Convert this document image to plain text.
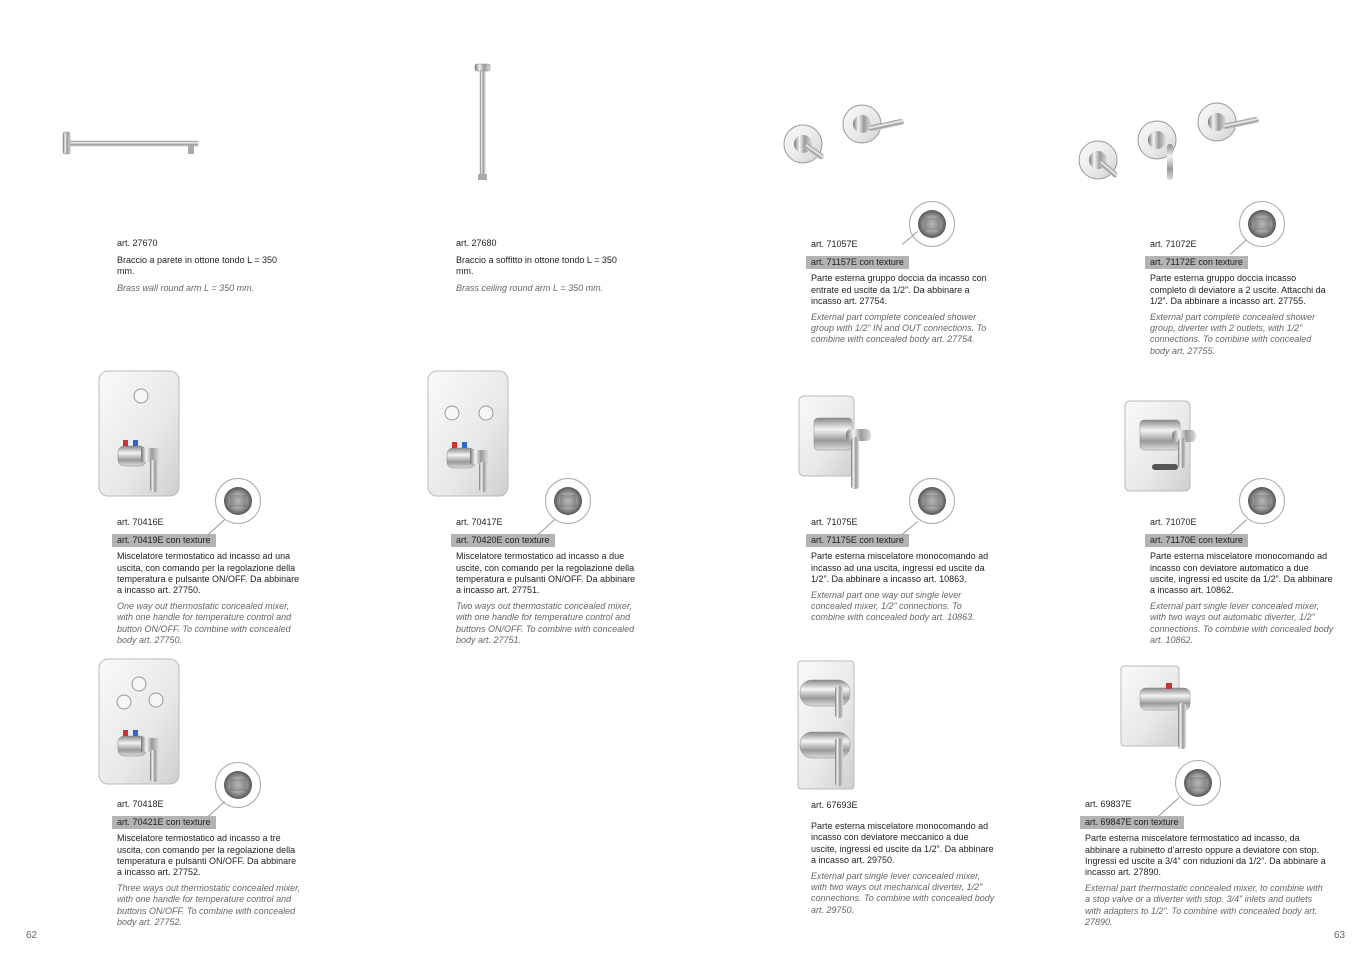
art. 27670
Braccio a parete in ottone tondo L = 350 mm.
Brass wall round arm L = 350 mm.
art. 27680
Braccio a soffitto in ottone tondo L = 350 mm.
Brass ceiling round arm L = 350 mm.
art. 71057E
art. 71157E con texture
Parte esterna gruppo doccia da incasso con entrate ed uscite da 1/2”. Da abbinare a incasso art. 27754.
External part complete concealed shower group with 1/2” IN and OUT connections. To combine with concealed body art. 27754.
art. 71072E
art. 71172E con texture
Parte esterna gruppo doccia incasso completo di deviatore a 2 uscite. Attacchi da 1/2”. Da abbinare a incasso art. 27755.
External part complete concealed shower group, diverter with 2 outlets, with 1/2” connections. To combine with concealed body art. 27755.
art. 70416E
art. 70419E con texture
Miscelatore termostatico ad incasso ad una uscita, con comando per la regolazione della temperatura e pulsante ON/OFF. Da abbinare a incasso art. 27750.
One way out thermostatic concealed mixer, with one handle for temperature control and button ON/OFF. To combine with concealed body art. 27750.
art. 70417E
art. 70420E con texture
Miscelatore termostatico ad incasso a due uscite, con comando per la regolazione della temperatura e pulsanti ON/OFF. Da abbinare a incasso art. 27751.
Two ways out thermostatic concealed mixer, with one handle for temperature control and buttons ON/OFF. To combine with concealed body art. 27751.
art. 71075E
art. 71175E con texture
Parte esterna miscelatore monocomando ad incasso ad una uscita, ingressi ed uscite da 1/2”. Da abbinare a incasso art. 10863.
External part one way out single lever concealed mixer, 1/2” connections. To combine with concealed body art. 10863.
art. 71070E
art. 71170E con texture
Parte esterna miscelatore monocomando ad incasso con deviatore automatico a due uscite, ingressi ed uscite da 1/2”. Da abbinare a incasso art. 10862.
External part single lever concealed mixer, with two ways out automatic diverter, 1/2” connections. To combine with concealed body art. 10862.
art. 70418E
art. 70421E con texture
Miscelatore termostatico ad incasso a tre uscita, con comando per la regolazione della temperatura e pulsanti ON/OFF. Da abbinare a incasso art. 27752.
Three ways out thermostatic concealed mixer, with one handle for temperature control and buttons ON/OFF. To combine with concealed body art. 27752.
art. 67693E
Parte esterna miscelatore monocomando ad incasso con deviatore meccanico a due uscite, ingressi ed uscite da 1/2”. Da abbinare a incasso art. 29750.
External part single lever concealed mixer, with two ways out mechanical diverter, 1/2” connections. To combine with concealed body art. 29750.
art. 69837E
art. 69847E con texture
Parte esterna miscelatore termostatico ad incasso, da abbinare a rubinetto d’arresto oppure a deviatore con stop. Ingressi ed uscite a 3/4” con riduzioni da 1/2”. Da abbinare a incasso art. 27890.
External part thermostatic concealed mixer, to combine with a stop valve or a diverter with stop. 3/4” inlets and outlets with adapters to 1/2”. To combine with concealed body art. 27890.
62	63
